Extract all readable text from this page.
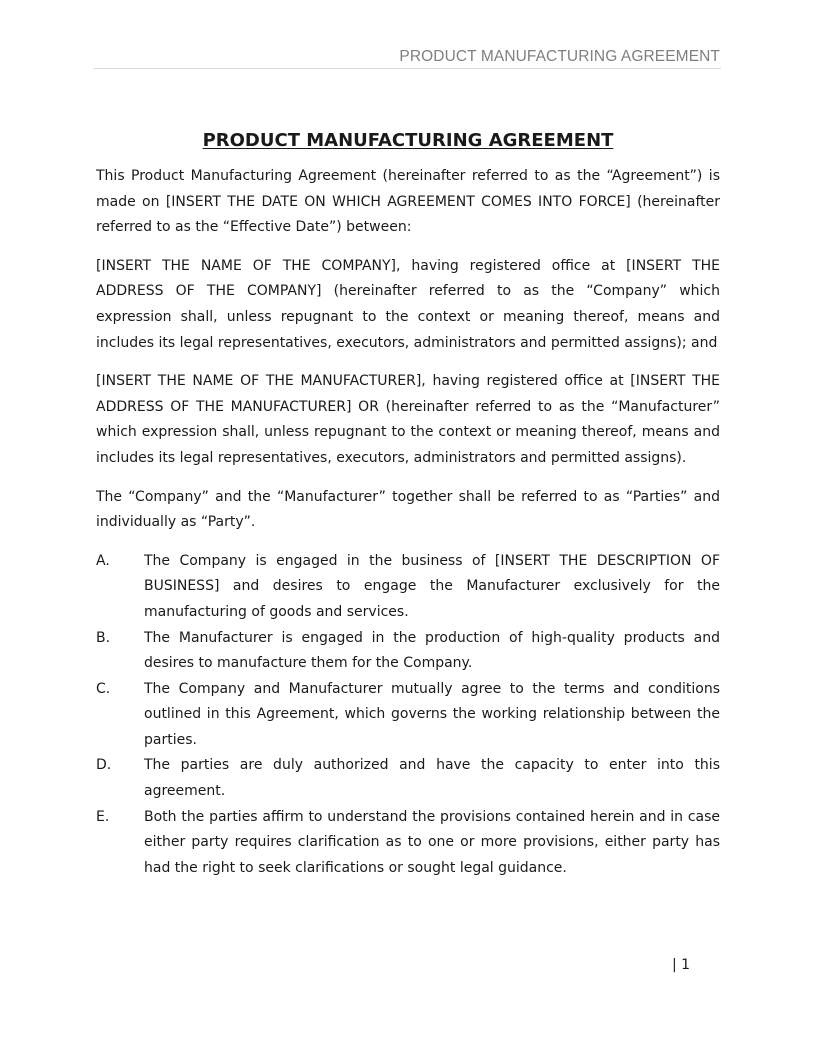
PRODUCT MANUFACTURING AGREEMENT
PRODUCT MANUFACTURING AGREEMENT

This Product Manufacturing Agreement (hereinafter referred to as the “Agreement”) is made on [INSERT THE DATE ON WHICH AGREEMENT COMES INTO FORCE] (hereinafter referred to as the “Effective Date”) between:

[INSERT THE NAME OF THE COMPANY], having registered office at [INSERT THE ADDRESS OF THE COMPANY] (hereinafter referred to as the “Company” which expression shall, unless repugnant to the context or meaning thereof, means and includes its legal representatives, executors, administrators and permitted assigns); and

[INSERT THE NAME OF THE MANUFACTURER], having registered office at [INSERT THE ADDRESS OF THE MANUFACTURER] OR (hereinafter referred to as the “Manufacturer” which expression shall, unless repugnant to the context or meaning thereof, means and includes its legal representatives, executors, administrators and permitted assigns).

The “Company” and the “Manufacturer” together shall be referred to as “Parties” and individually as “Party”.

A.	The Company is engaged in the business of [INSERT THE DESCRIPTION OF BUSINESS] and desires to engage the Manufacturer exclusively for the manufacturing of goods and services.
B.	The Manufacturer is engaged in the production of high-quality products and desires to manufacture them for the Company.
C.	The Company and Manufacturer mutually agree to the terms and conditions outlined in this Agreement, which governs the working relationship between the parties.
D.	The parties are duly authorized and have the capacity to enter into this agreement.
E.	Both the parties affirm to understand the provisions contained herein and in case either party requires clarification as to one or more provisions, either party has had the right to seek clarifications or sought legal guidance.
| 1
